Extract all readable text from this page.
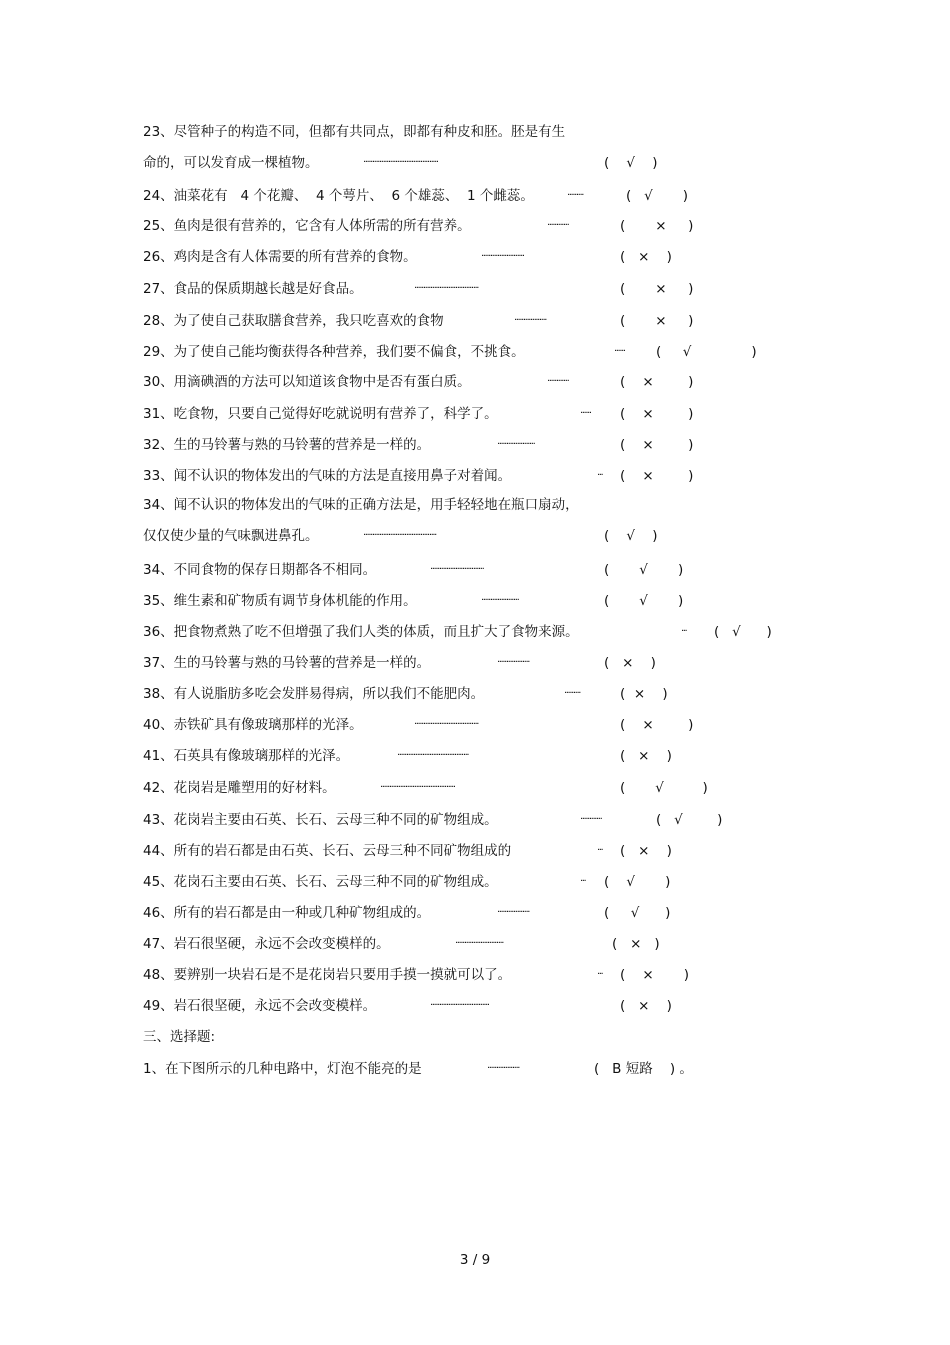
23、尽管种子的构造不同，但都有共同点，即都有种皮和胚。胚是有生
命的，可以发育成一棵植物。	··········································	(    √    )
24、油菜花有   4 个花瓣、  4 个萼片、  6 个雄蕊、  1 个雌蕊。	·········	(   √       )
25、鱼肉是很有营养的，它含有人体所需的所有营养。	············	(       ×     )
26、鸡肉是含有人体需要的所有营养的食物。	························	(   ×    )
27、食品的保质期越长越是好食品。	····································	(       ×     )
28、为了使自己获取膳食营养，我只吃喜欢的食物	··················	(       ×     )
29、为了使自己能均衡获得各种营养，我们要不偏食，不挑食。	······ (     √              )
30、用滴碘酒的方法可以知道该食物中是否有蛋白质。	············	(    ×        )
31、吃食物，只要自己觉得好吃就说明有营养了，科学了。	······ (    ×        )
32、生的马铃薯与熟的马铃薯的营养是一样的。	·····················	(    ×        )
33、闻不认识的物体发出的气味的方法是直接用鼻子对着闻。	··· (    ×        )
34、闻不认识的物体发出的气味的正确方法是，用手轻轻地在瓶口扇动，
仅仅使少量的气味飘进鼻孔。	·········································	(    √    )
34、不同食物的保存日期都各不相同。	······························	(       √       )
35、维生素和矿物质有调节身体机能的作用。	·····················	(       √       )
36、把食物煮熟了吃不但增强了我们人类的体质，而且扩大了食物来源。	··· (   √      )
37、生的马铃薯与熟的马铃薯的营养是一样的。	··················	(   ×    )
38、有人说脂肪多吃会发胖易得病，所以我们不能肥肉。	·········	(  ×    )
40、赤铁矿具有像玻璃那样的光泽。	····································	(    ×        )
41、石英具有像玻璃那样的光泽。	········································	(   ×    )
42、花岗岩是雕塑用的好材料。	··········································	(       √         )
43、花岗岩主要由石英、长石、云母三种不同的矿物组成。	············	(   √        )
44、所有的岩石都是由石英、长石、云母三种不同矿物组成的	··· (   ×    )
45、花岗石主要由石英、长石、云母三种不同的矿物组成。	··· (    √       )
46、所有的岩石都是由一种或几种矿物组成的。	··················	(     √      )
47、岩石很坚硬，永远不会改变模样的。	···························	(   ×   )
48、要辨别一块岩石是不是花岗岩只要用手摸一摸就可以了。	··· (    ×       )
49、岩石很坚硬，永远不会改变模样。	·································	(   ×    )
三、选择题:
1、在下图所示的几种电路中，灯泡不能亮的是	··················	(   B 短路    ) 。
3 / 9
